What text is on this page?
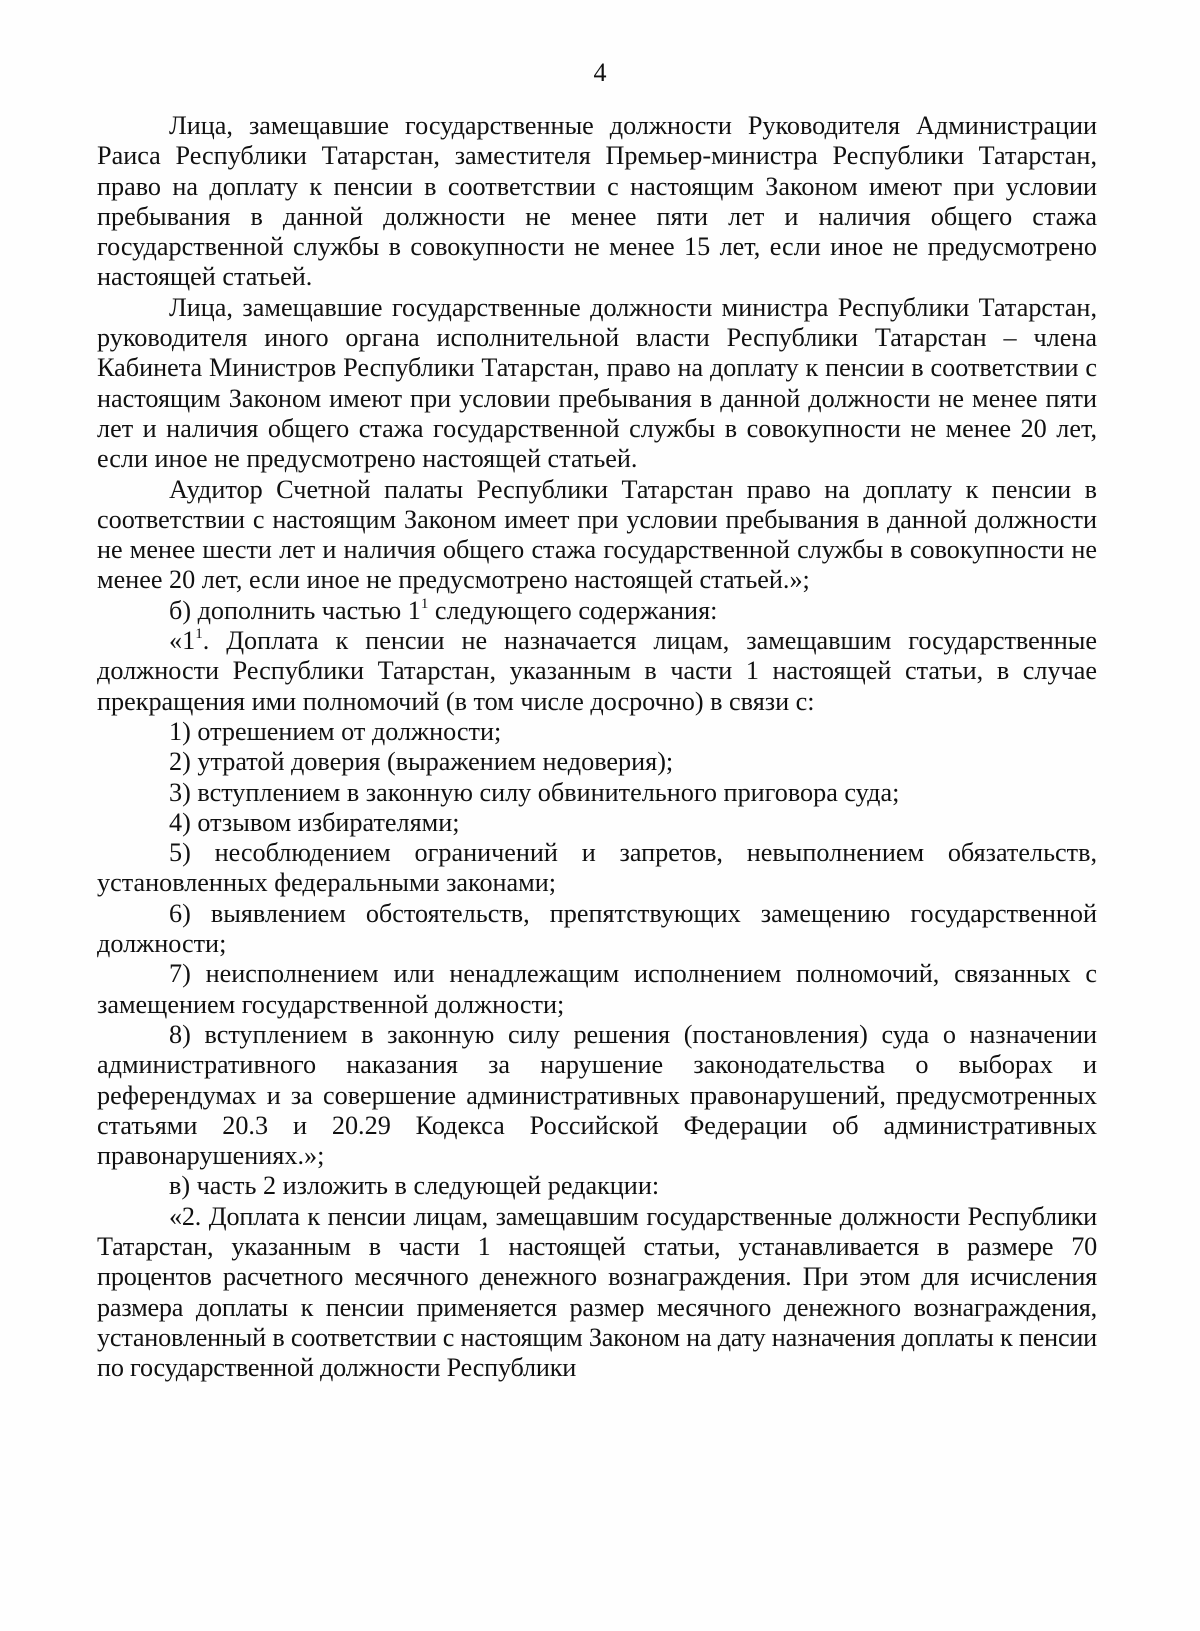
4

Лица, замещавшие государственные должности Руководителя Администрации Раиса Республики Татарстан, заместителя Премьер-министра Республики Татарстан, право на доплату к пенсии в соответствии с настоящим Законом имеют при условии пребывания в данной должности не менее пяти лет и наличия общего стажа государственной службы в совокупности не менее 15 лет, если иное не предусмотрено настоящей статьей.

Лица, замещавшие государственные должности министра Республики Татарстан, руководителя иного органа исполнительной власти Республики Татарстан – члена Кабинета Министров Республики Татарстан, право на доплату к пенсии в соответствии с настоящим Законом имеют при условии пребывания в данной должности не менее пяти лет и наличия общего стажа государственной службы в совокупности не менее 20 лет, если иное не предусмотрено настоящей статьей.

Аудитор Счетной палаты Республики Татарстан право на доплату к пенсии в соответствии с настоящим Законом имеет при условии пребывания в данной должности не менее шести лет и наличия общего стажа государственной службы в совокупности не менее 20 лет, если иное не предусмотрено настоящей статьей.»;

б) дополнить частью $1^1$ следующего содержания:

«$1^1$. Доплата к пенсии не назначается лицам, замещавшим государственные должности Республики Татарстан, указанным в части 1 настоящей статьи, в случае прекращения ими полномочий (в том числе досрочно) в связи с:

1) отрешением от должности;

2) утратой доверия (выражением недоверия);

3) вступлением в законную силу обвинительного приговора суда;

4) отзывом избирателями;

5) несоблюдением ограничений и запретов, невыполнением обязательств, установленных федеральными законами;

6) выявлением обстоятельств, препятствующих замещению государственной должности;

7) неисполнением или ненадлежащим исполнением полномочий, связанных с замещением государственной должности;

8) вступлением в законную силу решения (постановления) суда о назначении административного наказания за нарушение законодательства о выборах и референдумах и за совершение административных правонарушений, предусмотренных статьями 20.3 и 20.29 Кодекса Российской Федерации об административных правонарушениях.»;

в) часть 2 изложить в следующей редакции:

«2. Доплата к пенсии лицам, замещавшим государственные должности Республики Татарстан, указанным в части 1 настоящей статьи, устанавливается в размере 70 процентов расчетного месячного денежного вознаграждения. При этом для исчисления размера доплаты к пенсии применяется размер месячного денежного вознаграждения, установленный в соответствии с настоящим Законом на дату назначения доплаты к пенсии по государственной должности Республики
